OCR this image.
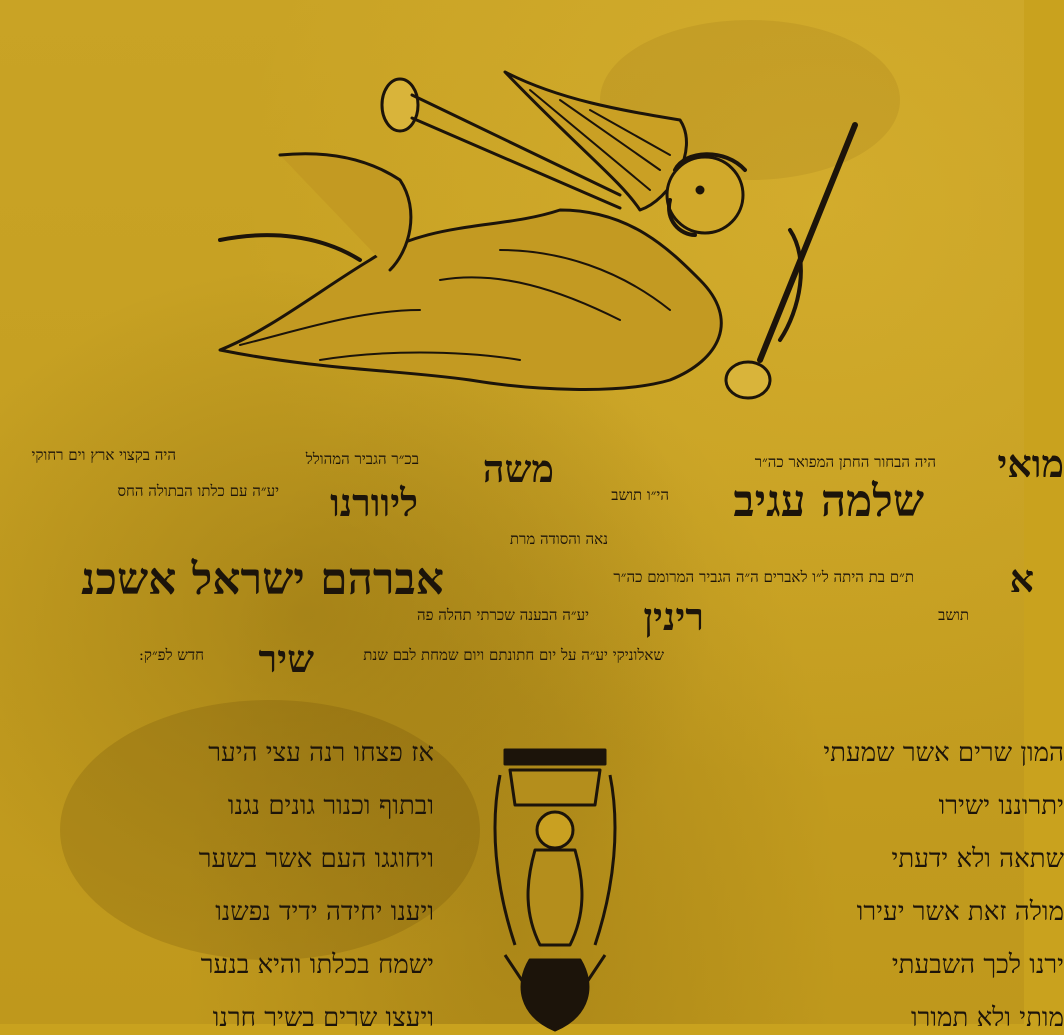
היה בקצוי ארץ וים רחוקי	בכ״ר הגביר המהולל משה	היה הבחור החתן המפואר כה״ר מואי
יע״ה עם כלתו הבתולה החס ליוורנו	הי״ו תושב שלמה עגיב
נאה והסודה מרת
אברהם ישראל אשכנ	ת״ם בת היתה ל״ו לאברים ה״ה הגביר המרומם כה״ר	א
יע״ה הבענה שכרתי תהלה פה רינין	תושב
שאלוניקי יע״ה על יום חתונתם ויום שמחת לבם שנת
שיר
חדש לפ״ק:
אז פצחו רנה עצי היער
ובתוף וכנור גונים נגנו
ויחוגגו העם אשר בשער
ויענו יחידה ידיד נפשנו
ישמח בכלתו והיא בנער
ויעצו שרים בשיר חרנו
המון שרים אשר שמעתי
יתרוננו ישירו
שתאה ולא ידעתי
מולה זאת אשר יעירו
ירנו לכך השבעתי
מותי ולא תמורו
